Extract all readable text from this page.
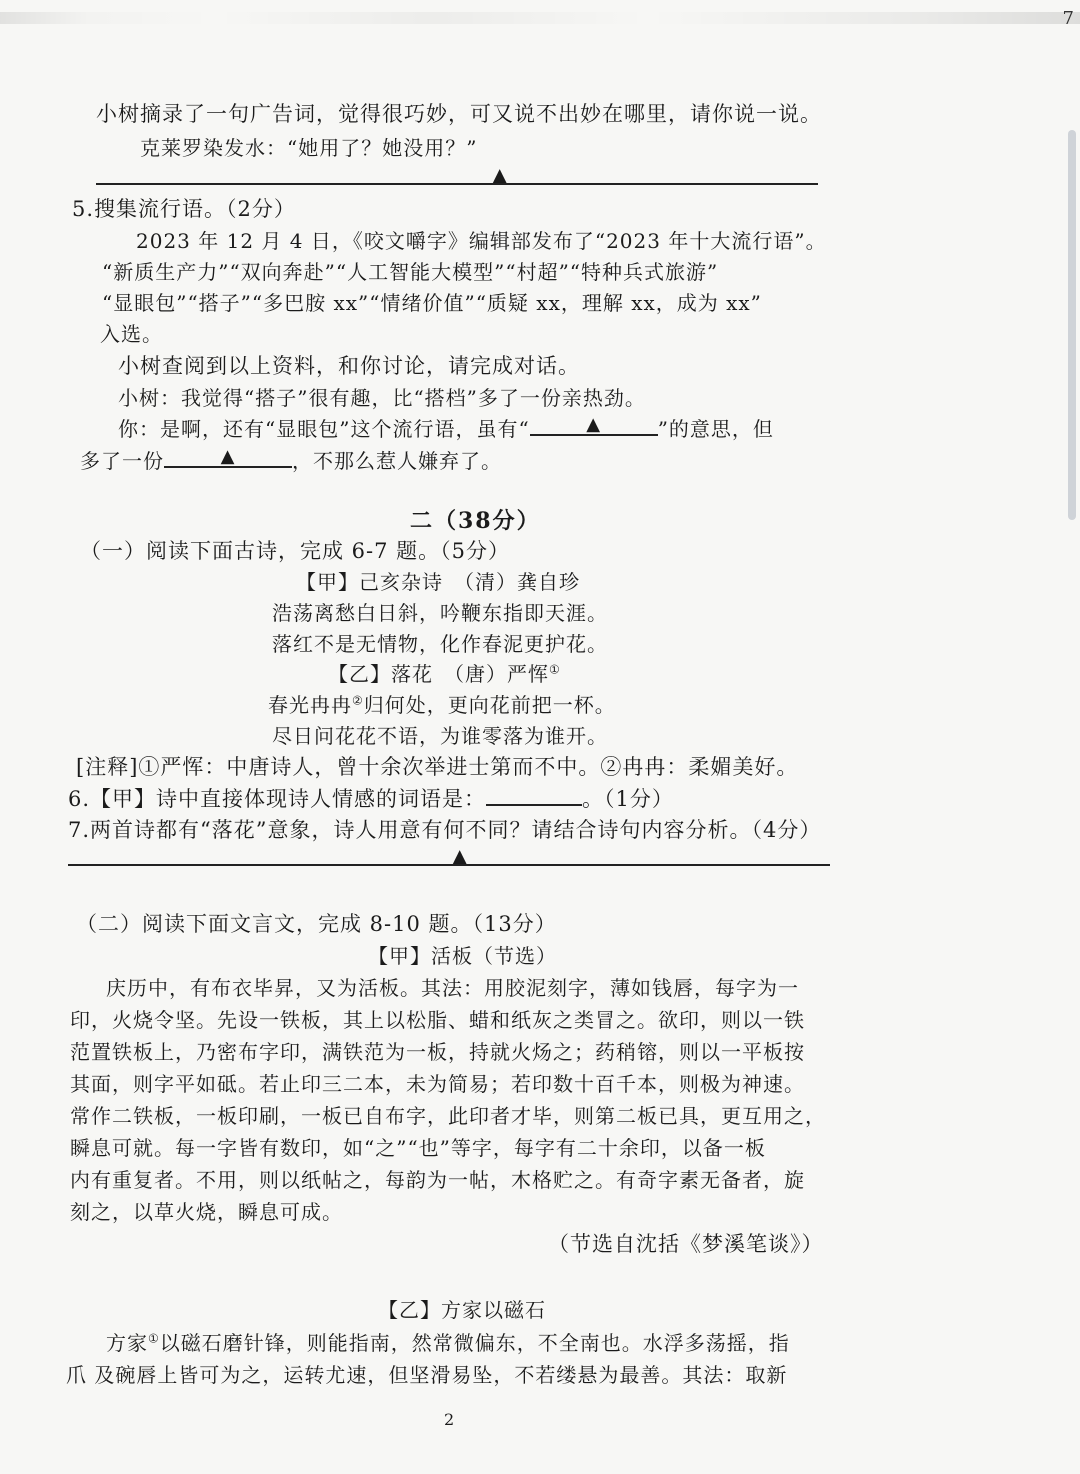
7
小树摘录了一句广告词，觉得很巧妙，可又说不出妙在哪里，请你说一说。
克莱罗染发水：“她用了？她没用？”
▲
5.搜集流行语。（2分）
2023 年 12 月 4 日，《咬文嚼字》编辑部发布了“2023 年十大流行语”。
“新质生产力”“双向奔赴”“人工智能大模型”“村超”“特种兵式旅游”
“显眼包”“搭子”“多巴胺 xx”“情绪价值”“质疑 xx，理解 xx，成为 xx”
入选。
小树查阅到以上资料，和你讨论，请完成对话。
小树：我觉得“搭子”很有趣，比“搭档”多了一份亲热劲。
你：是啊，还有“显眼包”这个流行语，虽有“	▲	”的意思，但
多了一份	▲	，不那么惹人嫌弃了。
二（38分）
（一）阅读下面古诗，完成 6-7 题。（5分）
【甲】己亥杂诗　（清）龚自珍
浩荡离愁白日斜，吟鞭东指即天涯。
落红不是无情物，化作春泥更护花。
【乙】落花　（唐）严恽①
春光冉冉②归何处，更向花前把一杯。
尽日问花花不语，为谁零落为谁开。
[注释]①严恽：中唐诗人，曾十余次举进士第而不中。②冉冉：柔媚美好。
6.【甲】诗中直接体现诗人情感的词语是：	。（1分）
7.两首诗都有“落花”意象，诗人用意有何不同？请结合诗句内容分析。（4分）
▲
（二）阅读下面文言文，完成 8-10 题。（13分）
【甲】活板（节选）
庆历中，有布衣毕昇，又为活板。其法：用胶泥刻字，薄如钱唇，每字为一
印，火烧令坚。先设一铁板，其上以松脂、蜡和纸灰之类冒之。欲印，则以一铁
范置铁板上，乃密布字印，满铁范为一板，持就火炀之；药稍镕，则以一平板按
其面，则字平如砥。若止印三二本，未为简易；若印数十百千本，则极为神速。
常作二铁板，一板印刷，一板已自布字，此印者才毕，则第二板已具，更互用之，
瞬息可就。每一字皆有数印，如“之”“也”等字，每字有二十余印，以备一板
内有重复者。不用，则以纸帖之，每韵为一帖，木格贮之。有奇字素无备者，旋
刻之，以草火烧，瞬息可成。
（节选自沈括《梦溪笔谈》）
【乙】方家以磁石
方家①以磁石磨针锋，则能指南，然常微偏东，不全南也。水浮多荡摇，指
爪 及碗唇上皆可为之，运转尤速，但坚滑易坠，不若缕悬为最善。其法：取新
2
